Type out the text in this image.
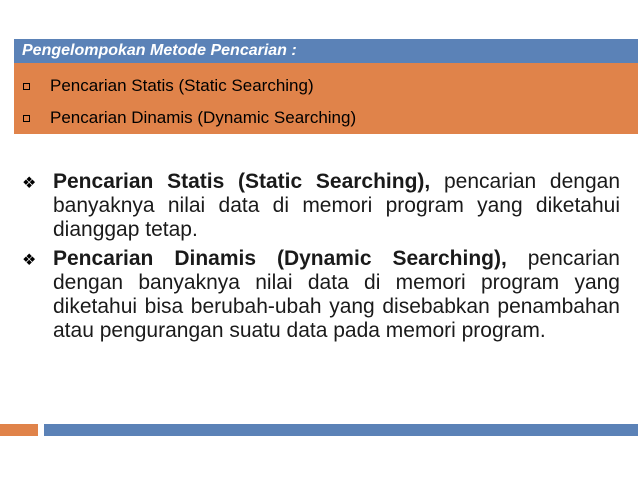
Pengelompokan Metode Pencarian :
Pencarian Statis (Static Searching)
Pencarian Dinamis (Dynamic Searching)

❖ Pencarian Statis (Static Searching), pencarian dengan banyaknya nilai data di memori program yang diketahui dianggap tetap.

❖ Pencarian Dinamis (Dynamic Searching), pencarian dengan banyaknya nilai data di memori program yang diketahui bisa berubah-ubah yang disebabkan penambahan atau pengurangan suatu data pada memori program.
